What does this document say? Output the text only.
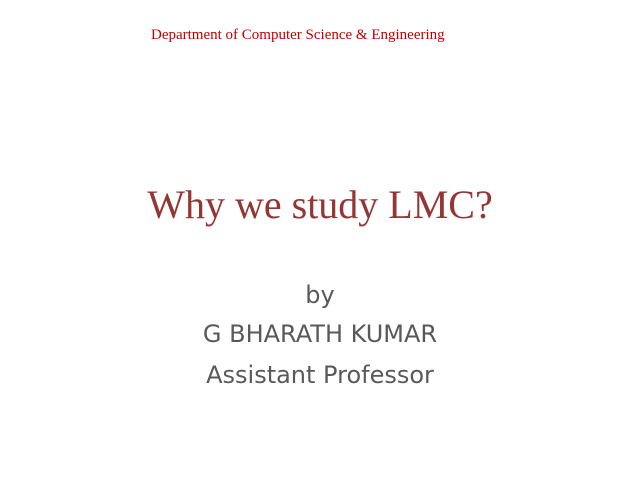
Department of Computer Science & Engineering
Why we study LMC?
by
G BHARATH KUMAR
Assistant Professor
